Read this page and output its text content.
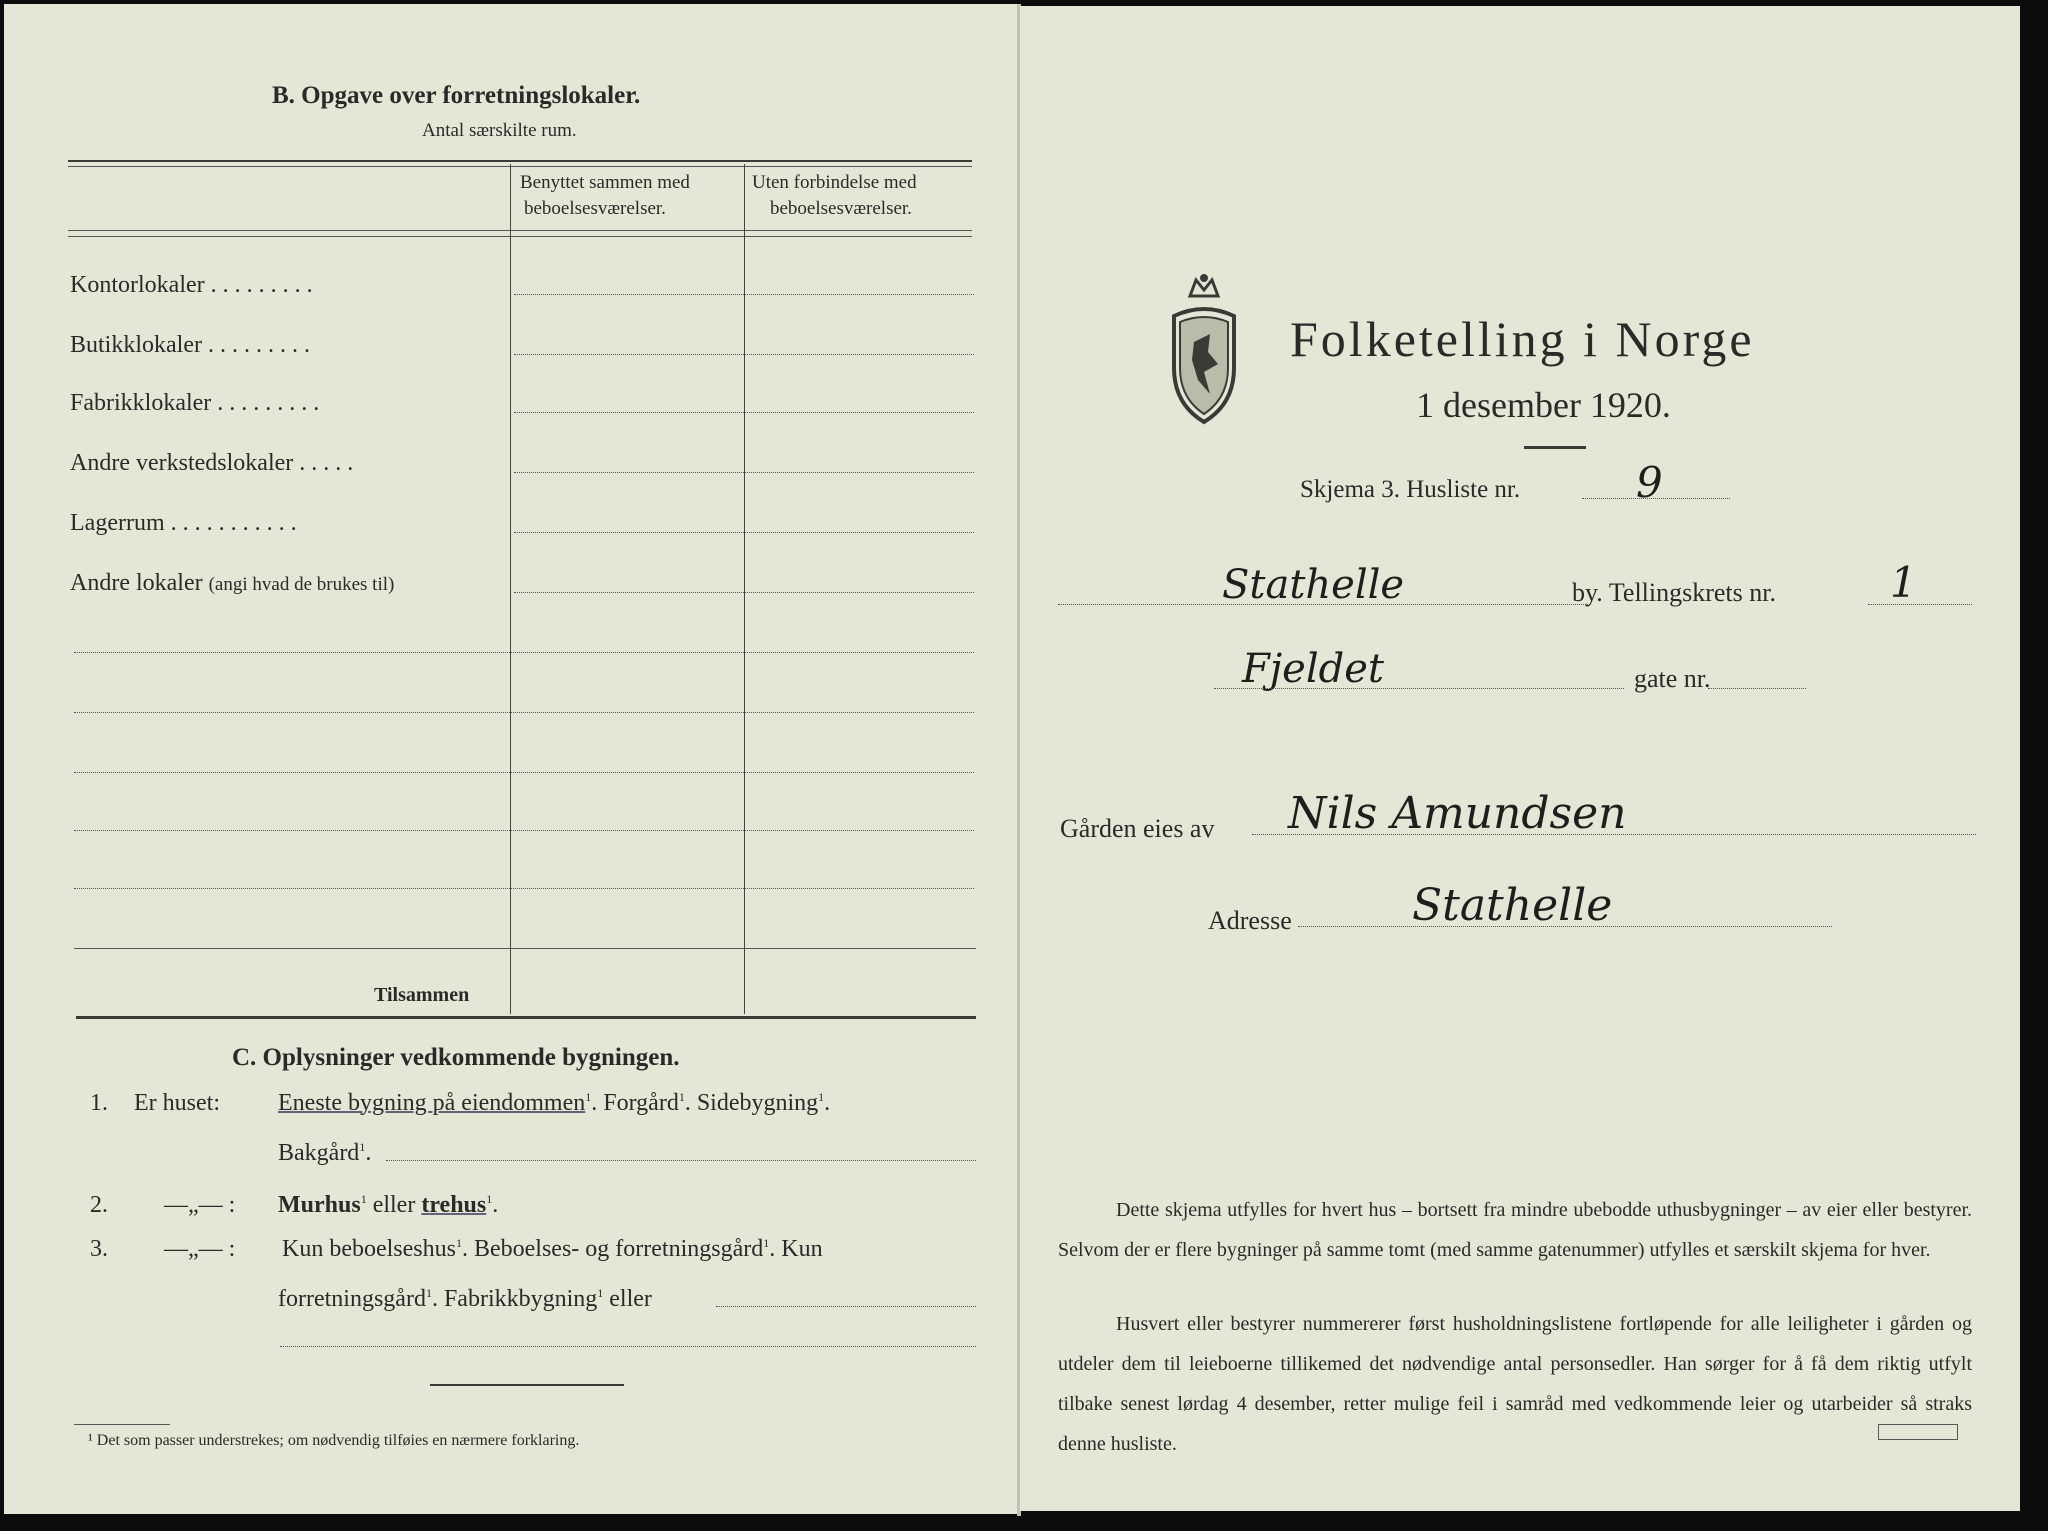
B. Opgave over forretningslokaler.
Antal særskilte rum.
Benyttet sammen med
beboelsesværelser.
Uten forbindelse med
beboelsesværelser.
Kontorlokaler . . . . . . . . .
Butikklokaler . . . . . . . . .
Fabrikklokaler . . . . . . . . .
Andre verkstedslokaler . . . . .
Lagerrum . . . . . . . . . . .
Andre lokaler (angi hvad de brukes til)
Tilsammen
C. Oplysninger vedkommende bygningen.
1. Er huset: Eneste bygning på eiendommen$^1$. Forgård$^1$. Sidebygning$^1$.
Bakgård$^1$.
2. —„— : Murhus$^1$ eller trehus$^1$.
3. —„— : Kun beboelseshus$^1$. Beboelses- og forretningsgård$^1$. Kun
forretningsgård$^1$. Fabrikkbygning$^1$ eller
¹ Det som passer understrekes; om nødvendig tilføies en nærmere forklaring.
Folketelling i Norge
1 desember 1920.
Skjema 3. Husliste nr.	9
Stathelle	by. Tellingskrets nr.	1
Fjeldet	gate nr.
Gården eies av Nils Amundsen
Adresse	Stathelle
Dette skjema utfylles for hvert hus – bortsett fra mindre ubebodde uthusbygninger – av eier eller bestyrer. Selvom der er flere bygninger på samme tomt (med samme gatenummer) utfylles et særskilt skjema for hver.
Husvert eller bestyrer nummererer først husholdningslistene fortløpende for alle leiligheter i gården og utdeler dem til leieboerne tillikemed det nødvendige antal personsedler. Han sørger for å få dem riktig utfylt tilbake senest lørdag 4 desember, retter mulige feil i samråd med vedkommende leier og utarbeider så straks denne husliste.
